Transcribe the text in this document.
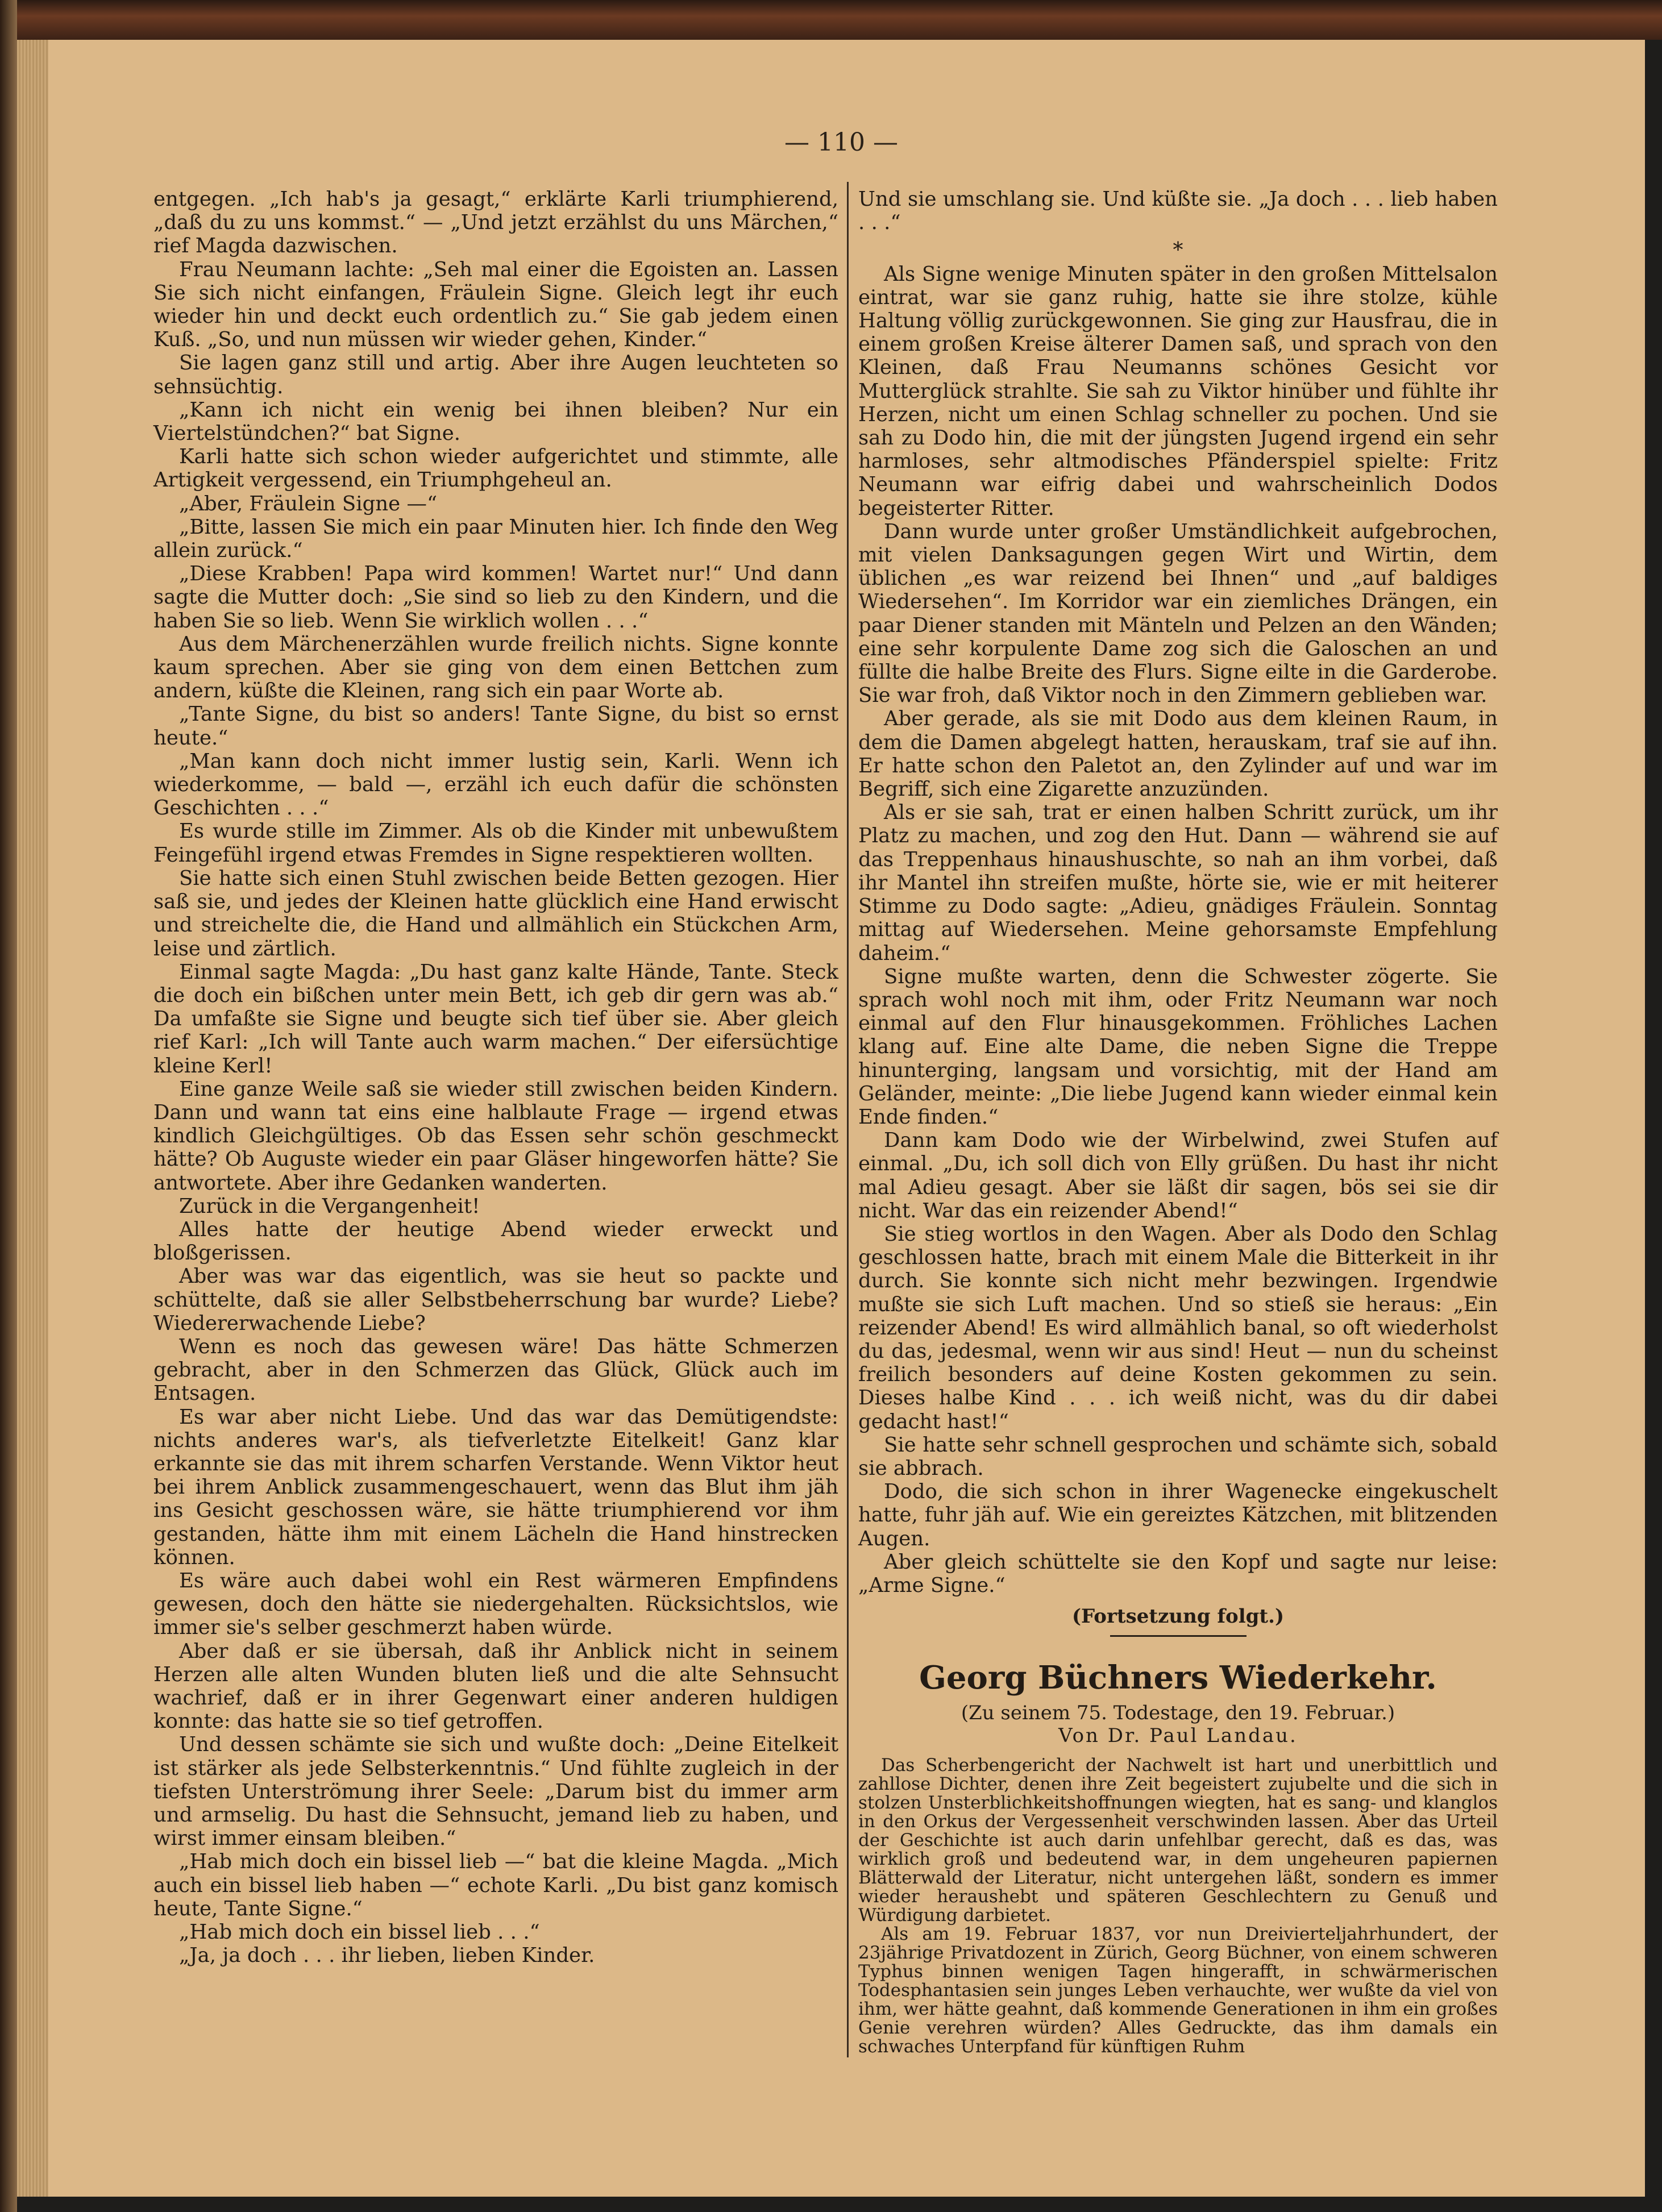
— 110 —

entgegen. „Ich hab's ja gesagt,“ erklärte Karli triumphierend, „daß du zu uns kommst.“ — „Und jetzt erzählst du uns Märchen,“ rief Magda dazwischen.

Frau Neumann lachte: „Seh mal einer die Egoisten an. Lassen Sie sich nicht einfangen, Fräulein Signe. Gleich legt ihr euch wieder hin und deckt euch ordentlich zu.“ Sie gab jedem einen Kuß. „So, und nun müssen wir wieder gehen, Kinder.“

Sie lagen ganz still und artig. Aber ihre Augen leuchteten so sehnsüchtig.

„Kann ich nicht ein wenig bei ihnen bleiben? Nur ein Viertelstündchen?“ bat Signe.

Karli hatte sich schon wieder aufgerichtet und stimmte, alle Artigkeit vergessend, ein Triumphgeheul an.

„Aber, Fräulein Signe —“

„Bitte, lassen Sie mich ein paar Minuten hier. Ich finde den Weg allein zurück.“

„Diese Krabben! Papa wird kommen! Wartet nur!“ Und dann sagte die Mutter doch: „Sie sind so lieb zu den Kindern, und die haben Sie so lieb. Wenn Sie wirklich wollen . . .“

Aus dem Märchenerzählen wurde freilich nichts. Signe konnte kaum sprechen. Aber sie ging von dem einen Bettchen zum andern, küßte die Kleinen, rang sich ein paar Worte ab.

„Tante Signe, du bist so anders! Tante Signe, du bist so ernst heute.“

„Man kann doch nicht immer lustig sein, Karli. Wenn ich wiederkomme, — bald —, erzähl ich euch dafür die schönsten Geschichten . . .“

Es wurde stille im Zimmer. Als ob die Kinder mit unbewußtem Feingefühl irgend etwas Fremdes in Signe respektieren wollten.

Sie hatte sich einen Stuhl zwischen beide Betten gezogen. Hier saß sie, und jedes der Kleinen hatte glücklich eine Hand erwischt und streichelte die, die Hand und allmählich ein Stückchen Arm, leise und zärtlich.

Einmal sagte Magda: „Du hast ganz kalte Hände, Tante. Steck die doch ein bißchen unter mein Bett, ich geb dir gern was ab.“ Da umfaßte sie Signe und beugte sich tief über sie. Aber gleich rief Karl: „Ich will Tante auch warm machen.“ Der eifersüchtige kleine Kerl!

Eine ganze Weile saß sie wieder still zwischen beiden Kindern. Dann und wann tat eins eine halblaute Frage — irgend etwas kindlich Gleichgültiges. Ob das Essen sehr schön geschmeckt hätte? Ob Auguste wieder ein paar Gläser hingeworfen hätte? Sie antwortete. Aber ihre Gedanken wanderten.

Zurück in die Vergangenheit!

Alles hatte der heutige Abend wieder erweckt und bloßgerissen.

Aber was war das eigentlich, was sie heut so packte und schüttelte, daß sie aller Selbstbeherrschung bar wurde? Liebe? Wiedererwachende Liebe?

Wenn es noch das gewesen wäre! Das hätte Schmerzen gebracht, aber in den Schmerzen das Glück, Glück auch im Entsagen.

Es war aber nicht Liebe. Und das war das Demütigendste: nichts anderes war's, als tiefverletzte Eitelkeit! Ganz klar erkannte sie das mit ihrem scharfen Verstande. Wenn Viktor heut bei ihrem Anblick zusammengeschauert, wenn das Blut ihm jäh ins Gesicht geschossen wäre, sie hätte triumphierend vor ihm gestanden, hätte ihm mit einem Lächeln die Hand hinstrecken können.

Es wäre auch dabei wohl ein Rest wärmeren Empfindens gewesen, doch den hätte sie niedergehalten. Rücksichtslos, wie immer sie's selber geschmerzt haben würde.

Aber daß er sie übersah, daß ihr Anblick nicht in seinem Herzen alle alten Wunden bluten ließ und die alte Sehnsucht wachrief, daß er in ihrer Gegenwart einer anderen huldigen konnte: das hatte sie so tief getroffen.

Und dessen schämte sie sich und wußte doch: „Deine Eitelkeit ist stärker als jede Selbsterkenntnis.“ Und fühlte zugleich in der tiefsten Unterströmung ihrer Seele: „Darum bist du immer arm und armselig. Du hast die Sehnsucht, jemand lieb zu haben, und wirst immer einsam bleiben.“

„Hab mich doch ein bissel lieb —“ bat die kleine Magda. „Mich auch ein bissel lieb haben —“ echote Karli. „Du bist ganz komisch heute, Tante Signe.“

„Hab mich doch ein bissel lieb . . .“

„Ja, ja doch . . . ihr lieben, lieben Kinder.

Und sie umschlang sie. Und küßte sie. „Ja doch . . . lieb haben . . .“

*

Als Signe wenige Minuten später in den großen Mittelsalon eintrat, war sie ganz ruhig, hatte sie ihre stolze, kühle Haltung völlig zurückgewonnen. Sie ging zur Hausfrau, die in einem großen Kreise älterer Damen saß, und sprach von den Kleinen, daß Frau Neumanns schönes Gesicht vor Mutterglück strahlte. Sie sah zu Viktor hinüber und fühlte ihr Herzen, nicht um einen Schlag schneller zu pochen. Und sie sah zu Dodo hin, die mit der jüngsten Jugend irgend ein sehr harmloses, sehr altmodisches Pfänderspiel spielte: Fritz Neumann war eifrig dabei und wahrscheinlich Dodos begeisterter Ritter.

Dann wurde unter großer Umständlichkeit aufgebrochen, mit vielen Danksagungen gegen Wirt und Wirtin, dem üblichen „es war reizend bei Ihnen“ und „auf baldiges Wiedersehen“. Im Korridor war ein ziemliches Drängen, ein paar Diener standen mit Mänteln und Pelzen an den Wänden; eine sehr korpulente Dame zog sich die Galoschen an und füllte die halbe Breite des Flurs. Signe eilte in die Garderobe. Sie war froh, daß Viktor noch in den Zimmern geblieben war.

Aber gerade, als sie mit Dodo aus dem kleinen Raum, in dem die Damen abgelegt hatten, herauskam, traf sie auf ihn. Er hatte schon den Paletot an, den Zylinder auf und war im Begriff, sich eine Zigarette anzuzünden.

Als er sie sah, trat er einen halben Schritt zurück, um ihr Platz zu machen, und zog den Hut. Dann — während sie auf das Treppenhaus hinaushuschte, so nah an ihm vorbei, daß ihr Mantel ihn streifen mußte, hörte sie, wie er mit heiterer Stimme zu Dodo sagte: „Adieu, gnädiges Fräulein. Sonntag mittag auf Wiedersehen. Meine gehorsamste Empfehlung daheim.“

Signe mußte warten, denn die Schwester zögerte. Sie sprach wohl noch mit ihm, oder Fritz Neumann war noch einmal auf den Flur hinausgekommen. Fröhliches Lachen klang auf. Eine alte Dame, die neben Signe die Treppe hinunterging, langsam und vorsichtig, mit der Hand am Geländer, meinte: „Die liebe Jugend kann wieder einmal kein Ende finden.“

Dann kam Dodo wie der Wirbelwind, zwei Stufen auf einmal. „Du, ich soll dich von Elly grüßen. Du hast ihr nicht mal Adieu gesagt. Aber sie läßt dir sagen, bös sei sie dir nicht. War das ein reizender Abend!“

Sie stieg wortlos in den Wagen. Aber als Dodo den Schlag geschlossen hatte, brach mit einem Male die Bitterkeit in ihr durch. Sie konnte sich nicht mehr bezwingen. Irgendwie mußte sie sich Luft machen. Und so stieß sie heraus: „Ein reizender Abend! Es wird allmählich banal, so oft wiederholst du das, jedesmal, wenn wir aus sind! Heut — nun du scheinst freilich besonders auf deine Kosten gekommen zu sein. Dieses halbe Kind . . . ich weiß nicht, was du dir dabei gedacht hast!“

Sie hatte sehr schnell gesprochen und schämte sich, sobald sie abbrach.

Dodo, die sich schon in ihrer Wagenecke eingekuschelt hatte, fuhr jäh auf. Wie ein gereiztes Kätzchen, mit blitzenden Augen.

Aber gleich schüttelte sie den Kopf und sagte nur leise: „Arme Signe.“

(Fortsetzung folgt.)
Georg Büchners Wiederkehr.
(Zu seinem 75. Todestage, den 19. Februar.)
Von Dr. Paul Landau.

Das Scherbengericht der Nachwelt ist hart und unerbittlich und zahllose Dichter, denen ihre Zeit begeistert zujubelte und die sich in stolzen Unsterblichkeitshoffnungen wiegten, hat es sang- und klanglos in den Orkus der Vergessenheit verschwinden lassen. Aber das Urteil der Geschichte ist auch darin unfehlbar gerecht, daß es das, was wirklich groß und bedeutend war, in dem ungeheuren papiernen Blätterwald der Literatur, nicht untergehen läßt, sondern es immer wieder heraushebt und späteren Geschlechtern zu Genuß und Würdigung darbietet.

Als am 19. Februar 1837, vor nun Dreivierteljahrhundert, der 23jährige Privatdozent in Zürich, Georg Büchner, von einem schweren Typhus binnen wenigen Tagen hingerafft, in schwärmerischen Todesphantasien sein junges Leben verhauchte, wer wußte da viel von ihm, wer hätte geahnt, daß kommende Generationen in ihm ein großes Genie verehren würden? Alles Gedruckte, das ihm damals ein schwaches Unterpfand für künftigen Ruhm
